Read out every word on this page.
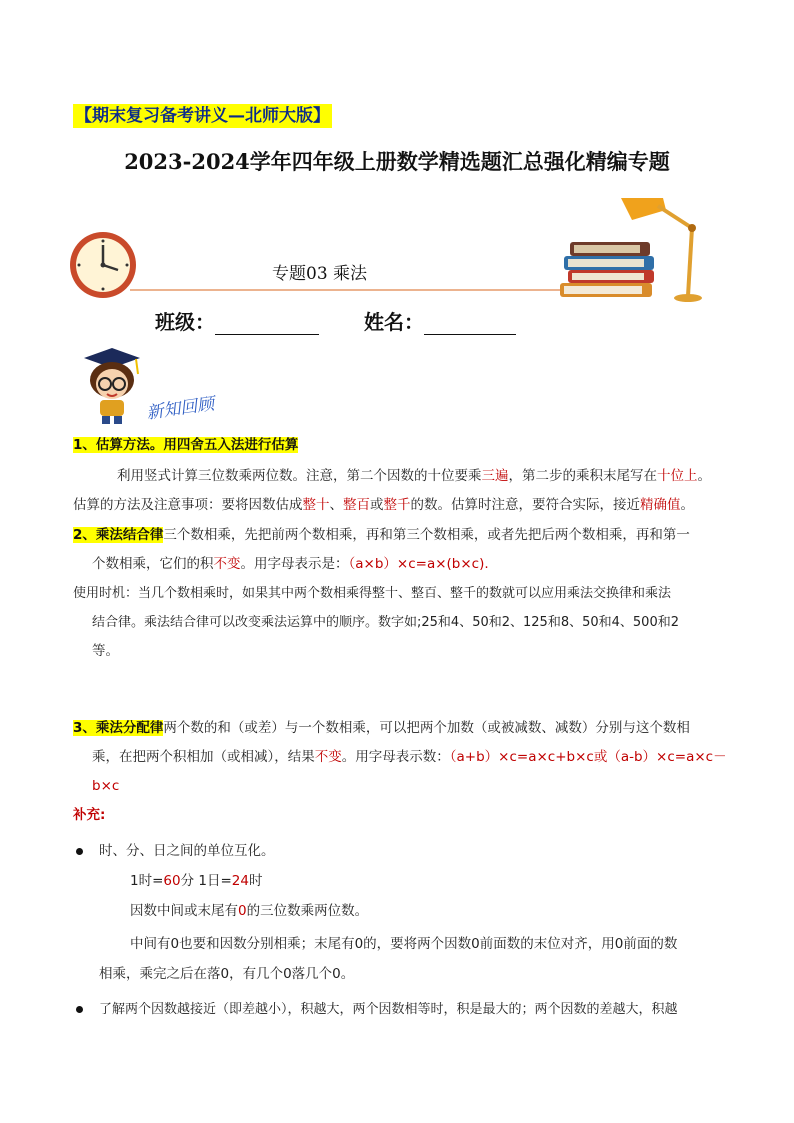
【期末复习备考讲义—北师大版】
2023-2024学年四年级上册数学精选题汇总强化精编专题
专题03 乘法
班级：	姓名：
新知回顾
1、估算方法。用四舍五入法进行估算
利用竖式计算三位数乘两位数。注意，第二个因数的十位要乘三遍，第二步的乘积末尾写在十位上。
估算的方法及注意事项：要将因数估成整十、整百或整千的数。估算时注意，要符合实际，接近精确值。
2、乘法结合律三个数相乘，先把前两个数相乘，再和第三个数相乘，或者先把后两个数相乘，再和第一
个数相乘，它们的积不变。用字母表示是：（a×b）×c=a×(b×c).
使用时机：当几个数相乘时，如果其中两个数相乘得整十、整百、整千的数就可以应用乘法交换律和乘法
结合律。乘法结合律可以改变乘法运算中的顺序。数字如;25和4、50和2、125和8、50和4、500和2
等。
3、乘法分配律两个数的和（或差）与一个数相乘，可以把两个加数（或被减数、减数）分别与这个数相
乘，在把两个积相加（或相减），结果不变。用字母表示数：（a+b）×c=a×c+b×c或（a-b）×c=a×c－
b×c
补充:
时、分、日之间的单位互化。
1时=60分 1日=24时
因数中间或末尾有0的三位数乘两位数。
中间有0也要和因数分别相乘；末尾有0的，要将两个因数0前面数的末位对齐，用0前面的数
相乘，乘完之后在落0，有几个0落几个0。
了解两个因数越接近（即差越小），积越大，两个因数相等时，积是最大的；两个因数的差越大，积越
